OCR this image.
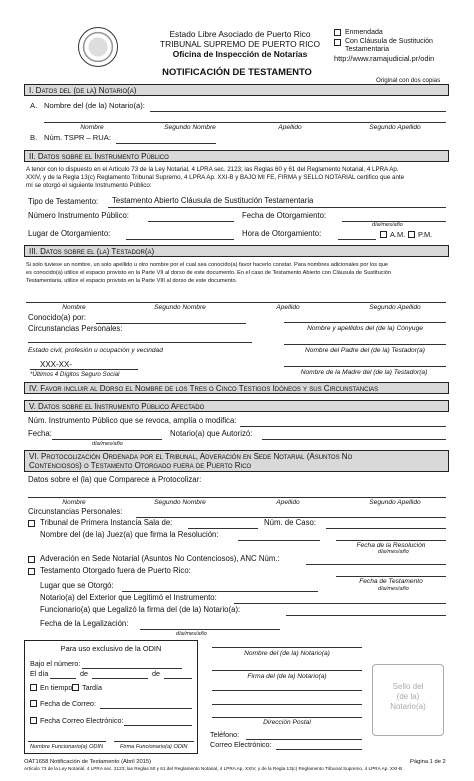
Estado Libre Asociado de Puerto Rico
TRIBUNAL SUPREMO DE PUERTO RICO
Oficina de Inspección de Notarías
Enmendada
Con Cláusula de Sustitución
Testamentaria
http://www.ramajudicial.pr/odin
NOTIFICACIÓN DE TESTAMENTO
Original con dos copias
I. Datos del (de la) Notario(a)
A. Nombre del (de la) Notario(a):
Nombre	Segundo Nombre	Apellido	Segundo Apellido
B. Núm. TSPR – RUA:
II. Datos sobre el Instrumento Público
A tenor con lo dispuesto en el Artículo 73 de la Ley Notarial, 4 LPRA sec. 2123; las Reglas 60 y 61 del Reglamento Notarial, 4 LPRA Ap.
XXIV, y de la Regla 13(c) Reglamento Tribunal Supremo, 4 LPRA Ap. XXI-B y BAJO MI FE, FIRMA y SELLO NOTARIAL certifico que ante
mí se otorgó el siguiente Instrumento Público:
Tipo de Testamento: Testamento Abierto Cláusula de Sustitución Testamentaria
Número Instrumento Público:	Fecha de Otorgamiento:
Lugar de Otorgamiento:	Hora de Otorgamiento:
día/mes/año
A.M. P.M.
III. Datos sobre el (la) Testador(a)
Si solo tuviese un nombre, un solo apellido u otro nombre por el cual sea conocido(a) favor hacerlo constar. Para nombres adicionales por los que
es conocido(a) utilice el espacio provisto en la Parte VII al dorso de este documento. En el caso de Testamento Abierto con Cláusula de Sustitución
Testamentaria, utilice el espacio provisto en la Parte VIII al dorso de este documento.
Nombre	Segundo Nombre	Apellido	Segundo Apellido
Conocido(a) por:
Circunstancias Personales:	Nombre y apellidos del (de la) Cónyuge
Estado civil, profesión u ocupación y vecindad	Nombre del Padre del (de la) Testador(a)
XXX-XX-
*Últimos 4 Dígitos Seguro Social	Nombre de la Madre del (de la) Testador(a)
IV. Favor incluir al Dorso el Nombre de los Tres o Cinco Testigos Idóneos y sus Circunstancias
V. Datos sobre el Instrumento Público Afectado
Núm. Instrumento Público que se revoca, amplía o modifica:
Fecha:
día/mes/año
Notario(a) que Autorizó:
VI. Protocolización Ordenada por el Tribunal, Adveración en Sede Notarial (Asuntos No
Contenciosos) o Testamento Otorgado fuera de Puerto Rico
Datos sobre el (la) que Comparece a Protocolizar:
Nombre	Segundo Nombre	Apellido	Segundo Apellido
Circunstancias Personales:
Tribunal de Primera Instancia Sala de:	Núm. de Caso:
Nombre del (de la) Juez(a) que firma la Resolución:
Fecha de la Resolución
día/mes/año
Adveración en Sede Notarial (Asuntos No Contenciosos), ANC Núm.:
Testamento Otorgado fuera de Puerto Rico:
Fecha de Testamento
día/mes/año
Lugar que se Otorgó:
Notario(a) del Exterior que Legitimó el Instrumento:
Funcionario(a) que Legalizó la firma del (de la) Notario(a):
Fecha de la Legalización:
día/mes/año
Para uso exclusivo de la ODIN
Bajo el número:
El día	de	de
En tiempo Tardía
Fecha de Correo:
Fecha Correo Electrónico:
Nombre Funcionario(a) ODIN	Firma Funcionario(a) ODIN
Nombre del (de la) Notario(a)
Firma del (de la) Notario(a)
Dirección Postal
Teléfono:
Correo Electrónico:
Sello del
(de la)
Notario(a)
OAT1658 Notificación de Testamento (Abril 2015)	Página 1 de 2
Artículo 73 de la Ley Notarial, 4 LPRA sec. 2123; las Reglas 60 y 61 del Reglamento Notarial, 4 LPRA Ap. XXIV, y de la Regla 13(c) Reglamento Tribunal Supremo, 4 LPRA Ap. XXI-B
